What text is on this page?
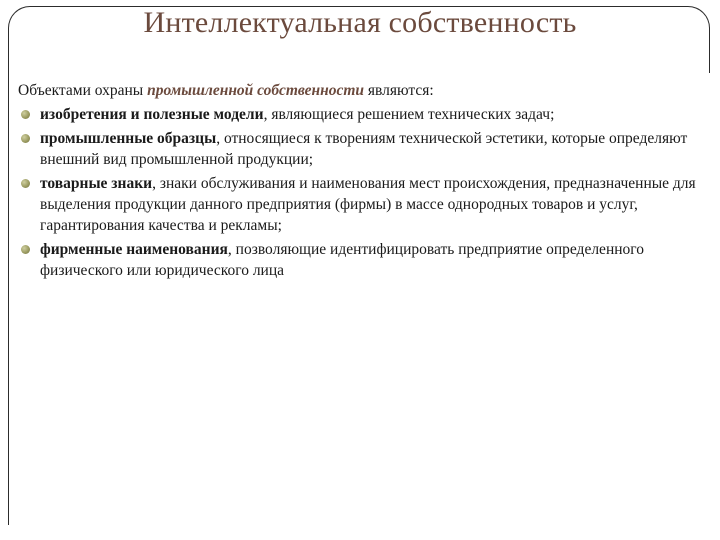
Интеллектуальная собственность

Объектами охраны промышленной собственности являются:

изобретения и полезные модели, являющиеся решением технических задач;
промышленные образцы, относящиеся к творениям технической эстетики, которые определяют внешний вид промышленной продукции;
товарные знаки, знаки обслуживания и наименования мест происхождения, предназначенные для выделения продукции данного предприятия (фирмы) в массе однородных товаров и услуг, гарантирования качества и рекламы;
фирменные наименования, позволяющие идентифицировать предприятие определенного физического или юридического лица
